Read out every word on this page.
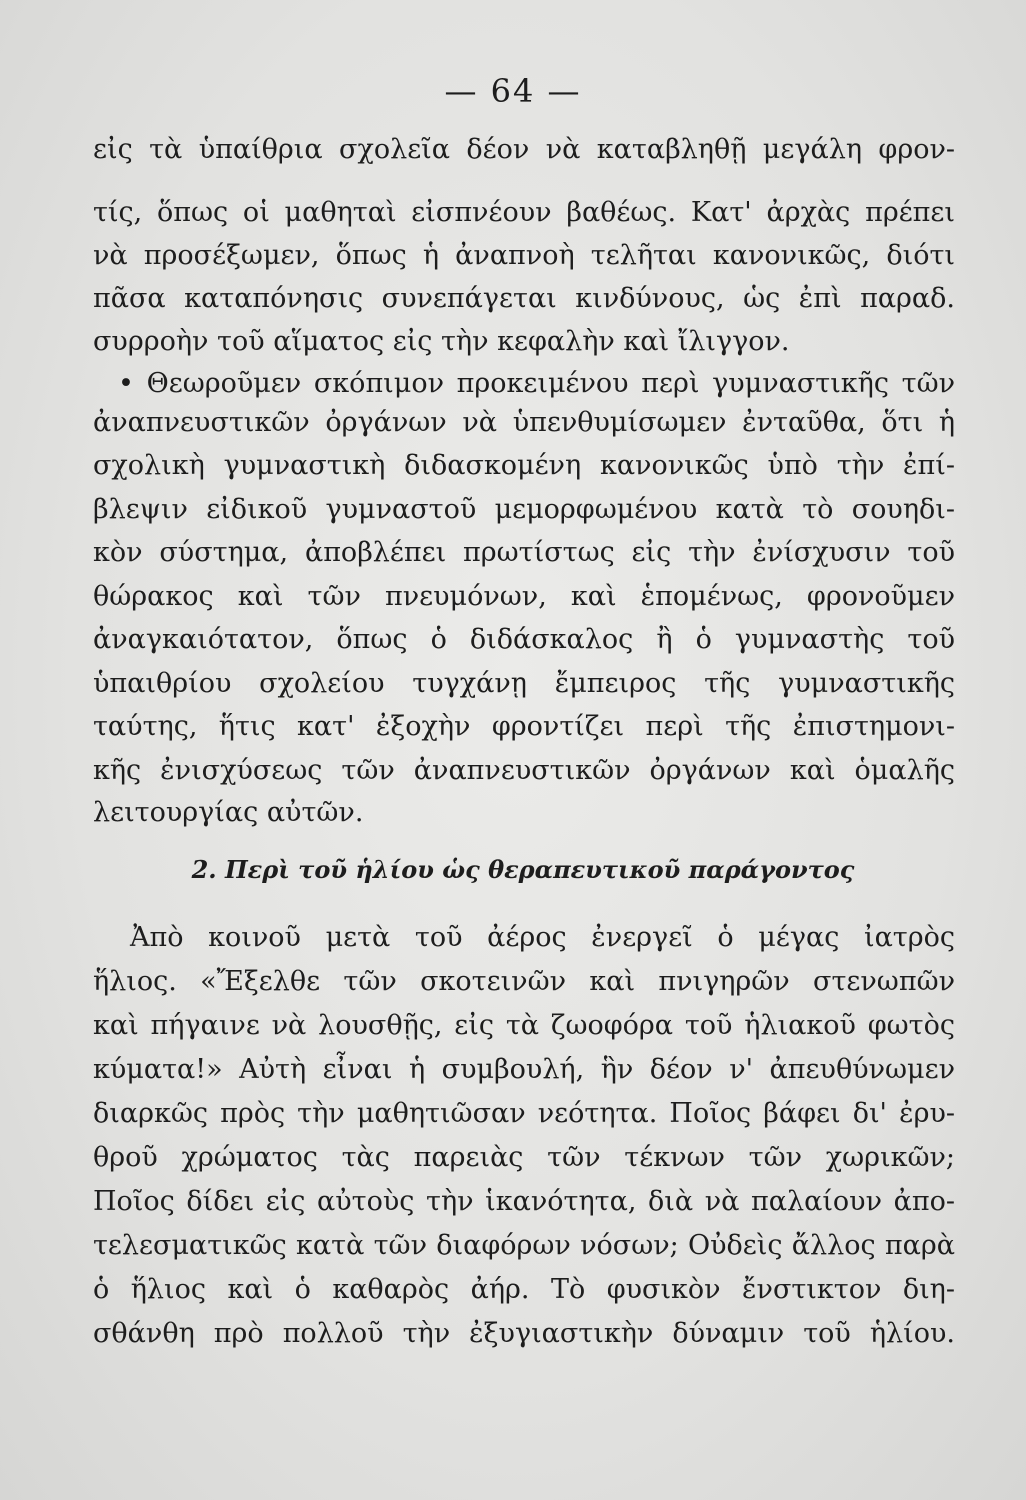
— 64 —
εἰς τὰ ὑπαίθρια σχολεῖα δέον νὰ καταβληθῇ μεγάλη φρον-
τίς, ὅπως οἱ μαθηταὶ εἰσπνέουν βαθέως. Κατ' ἀρχὰς πρέπει
νὰ προσέξωμεν, ὅπως ἡ ἀναπνοὴ τελῆται κανονικῶς, διότι
πᾶσα καταπόνησις συνεπάγεται κινδύνους, ὡς ἐπὶ παραδ.
συρροὴν τοῦ αἵματος εἰς τὴν κεφαλὴν καὶ ἴλιγγον.
• Θεωροῦμεν σκόπιμον προκειμένου περὶ γυμναστικῆς τῶν
ἀναπνευστικῶν ὀργάνων νὰ ὑπενθυμίσωμεν ἐνταῦθα, ὅτι ἡ
σχολικὴ γυμναστικὴ διδασκομένη κανονικῶς ὑπὸ τὴν ἐπί-
βλεψιν εἰδικοῦ γυμναστοῦ μεμορφωμένου κατὰ τὸ σουηδι-
κὸν σύστημα, ἀποβλέπει πρωτίστως εἰς τὴν ἐνίσχυσιν τοῦ
θώρακος καὶ τῶν πνευμόνων, καὶ ἑπομένως, φρονοῦμεν
ἀναγκαιότατον, ὅπως ὁ διδάσκαλος ἢ ὁ γυμναστὴς τοῦ
ὑπαιθρίου σχολείου τυγχάνῃ ἔμπειρος τῆς γυμναστικῆς
ταύτης, ἥτις κατ' ἐξοχὴν φροντίζει περὶ τῆς ἐπιστημονι-
κῆς ἐνισχύσεως τῶν ἀναπνευστικῶν ὀργάνων καὶ ὁμαλῆς
λειτουργίας αὐτῶν.
2. Περὶ τοῦ ἡλίου ὡς θεραπευτικοῦ παράγοντος
Ἀπὸ κοινοῦ μετὰ τοῦ ἀέρος ἐνεργεῖ ὁ μέγας ἰατρὸς
ἥλιος. «Ἔξελθε τῶν σκοτεινῶν καὶ πνιγηρῶν στενωπῶν
καὶ πήγαινε νὰ λουσθῇς, εἰς τὰ ζωοφόρα τοῦ ἡλιακοῦ φωτὸς
κύματα!» Αὐτὴ εἶναι ἡ συμβουλή, ἣν δέον ν' ἀπευθύνωμεν
διαρκῶς πρὸς τὴν μαθητιῶσαν νεότητα. Ποῖος βάφει δι' ἐρυ-
θροῦ χρώματος τὰς παρειὰς τῶν τέκνων τῶν χωρικῶν;
Ποῖος δίδει εἰς αὐτοὺς τὴν ἱκανότητα, διὰ νὰ παλαίουν ἀπο-
τελεσματικῶς κατὰ τῶν διαφόρων νόσων; Οὐδεὶς ἄλλος παρὰ
ὁ ἥλιος καὶ ὁ καθαρὸς ἀήρ. Τὸ φυσικὸν ἔνστικτον διη-
σθάνθη πρὸ πολλοῦ τὴν ἐξυγιαστικὴν δύναμιν τοῦ ἡλίου.
